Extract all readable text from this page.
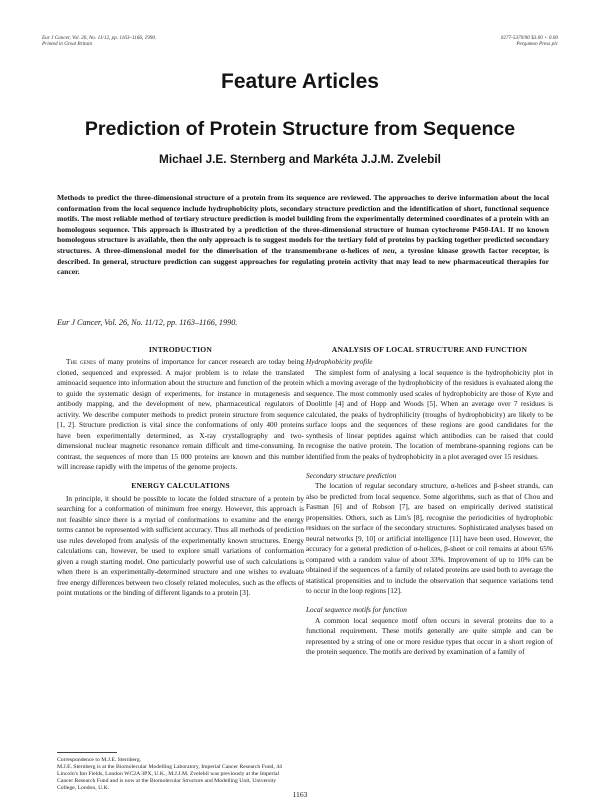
Eur J Cancer, Vol. 26, No. 11/12, pp. 1163–1166, 1990.
Printed in Great Britain
0277-5379/90 $3.00 + 0.00
Pergamon Press plc
Feature Articles
Prediction of Protein Structure from Sequence
Michael J.E. Sternberg and Markéta J.J.M. Zvelebil
Methods to predict the three-dimensional structure of a protein from its sequence are reviewed. The approaches to derive information about the local conformation from the local sequence include hydrophobicity plots, secondary structure prediction and the identification of short, functional sequence motifs. The most reliable method of tertiary structure prediction is model building from the experimentally determined coordinates of a protein with an homologous sequence. This approach is illustrated by a prediction of the three-dimensional structure of human cytochrome P450-IA1. If no known homologous structure is available, then the only approach is to suggest models for the tertiary fold of proteins by packing together predicted secondary structures. A three-dimensional model for the dimerisation of the transmembrane α-helices of neu, a tyrosine kinase growth factor receptor, is described. In general, structure prediction can suggest approaches for regulating protein activity that may lead to new pharmaceutical therapies for cancer.
Eur J Cancer, Vol. 26, No. 11/12, pp. 1163–1166, 1990.
INTRODUCTION

The genes of many proteins of importance for cancer research are today being cloned, sequenced and expressed. A major problem is to relate the translated aminoacid sequence into information about the structure and function of the protein to guide the systematic design of experiments, for instance in mutagenesis and antibody mapping, and the development of new, pharmaceutical regulators of activity. We describe computer methods to predict protein structure from sequence [1, 2]. Structure prediction is vital since the conformations of only 400 proteins have been experimentally determined, as X-ray crystallography and two-dimensional nuclear magnetic resonance remain difficult and time-consuming. In contrast, the sequences of more than 15 000 proteins are known and this number will increase rapidly with the impetus of the genome projects.

ENERGY CALCULATIONS

In principle, it should be possible to locate the folded structure of a protein by searching for a conformation of minimum free energy. However, this approach is not feasible since there is a myriad of conformations to examine and the energy terms cannot be represented with sufficient accuracy. Thus all methods of prediction use rules developed from analysis of the experimentally known structures. Energy calculations can, however, be used to explore small variations of conformation given a rough starting model. One particularly powerful use of such calculations is when there is an experimentally-determined structure and one wishes to evaluate free energy differences between two closely related molecules, such as the effects of point mutations or the binding of different ligands to a protein [3].

ANALYSIS OF LOCAL STRUCTURE AND FUNCTION

Hydrophobicity profile

The simplest form of analysing a local sequence is the hydrophobicity plot in which a moving average of the hydrophobicity of the residues is evaluated along the sequence. The most commonly used scales of hydrophobicity are those of Kyte and Doolittle [4] and of Hopp and Woods [5]. When an average over 7 residues is calculated, the peaks of hydrophilicity (troughs of hydrophobicity) are likely to be surface loops and the sequences of these regions are good candidates for the synthesis of linear peptides against which antibodies can be raised that could recognise the native protein. The location of membrane-spanning regions can be identified from the peaks of hydrophobicity in a plot averaged over 15 residues.

Secondary structure prediction

The location of regular secondary structure, α-helices and β-sheet strands, can also be predicted from local sequence. Some algorithms, such as that of Chou and Fasman [6] and of Robson [7], are based on empirically derived statistical propensities. Others, such as Lim's [8], recognise the periodicities of hydrophobic residues on the surface of the secondary structures. Sophisticated analyses based on neural networks [9, 10] or artificial intelligence [11] have been used. However, the accuracy for a general prediction of α-helices, β-sheet or coil remains at about 65% compared with a random value of about 33%. Improvement of up to 10% can be obtained if the sequences of a family of related proteins are used both to average the statistical propensities and to include the observation that sequence variations tend to occur in the loop regions [12].

Local sequence motifs for function

A common local sequence motif often occurs in several proteins due to a functional requirement. These motifs generally are quite simple and can be represented by a string of one or more residue types that occur in a short region of the protein sequence. The motifs are derived by examination of a family of

Correspondence to M.J.E. Sternberg.
M.J.E. Sternberg is at the Biomolecular Modelling Laboratory, Imperial Cancer Research Fund, 44 Lincoln's Inn Fields, London WC2A 3PX, U.K., M.J.J.M. Zvelebil was previously at the Imperial Cancer Research Fund and is now at the Biomolecular Structure and Modelling Unit, University College, London, U.K.
1163
